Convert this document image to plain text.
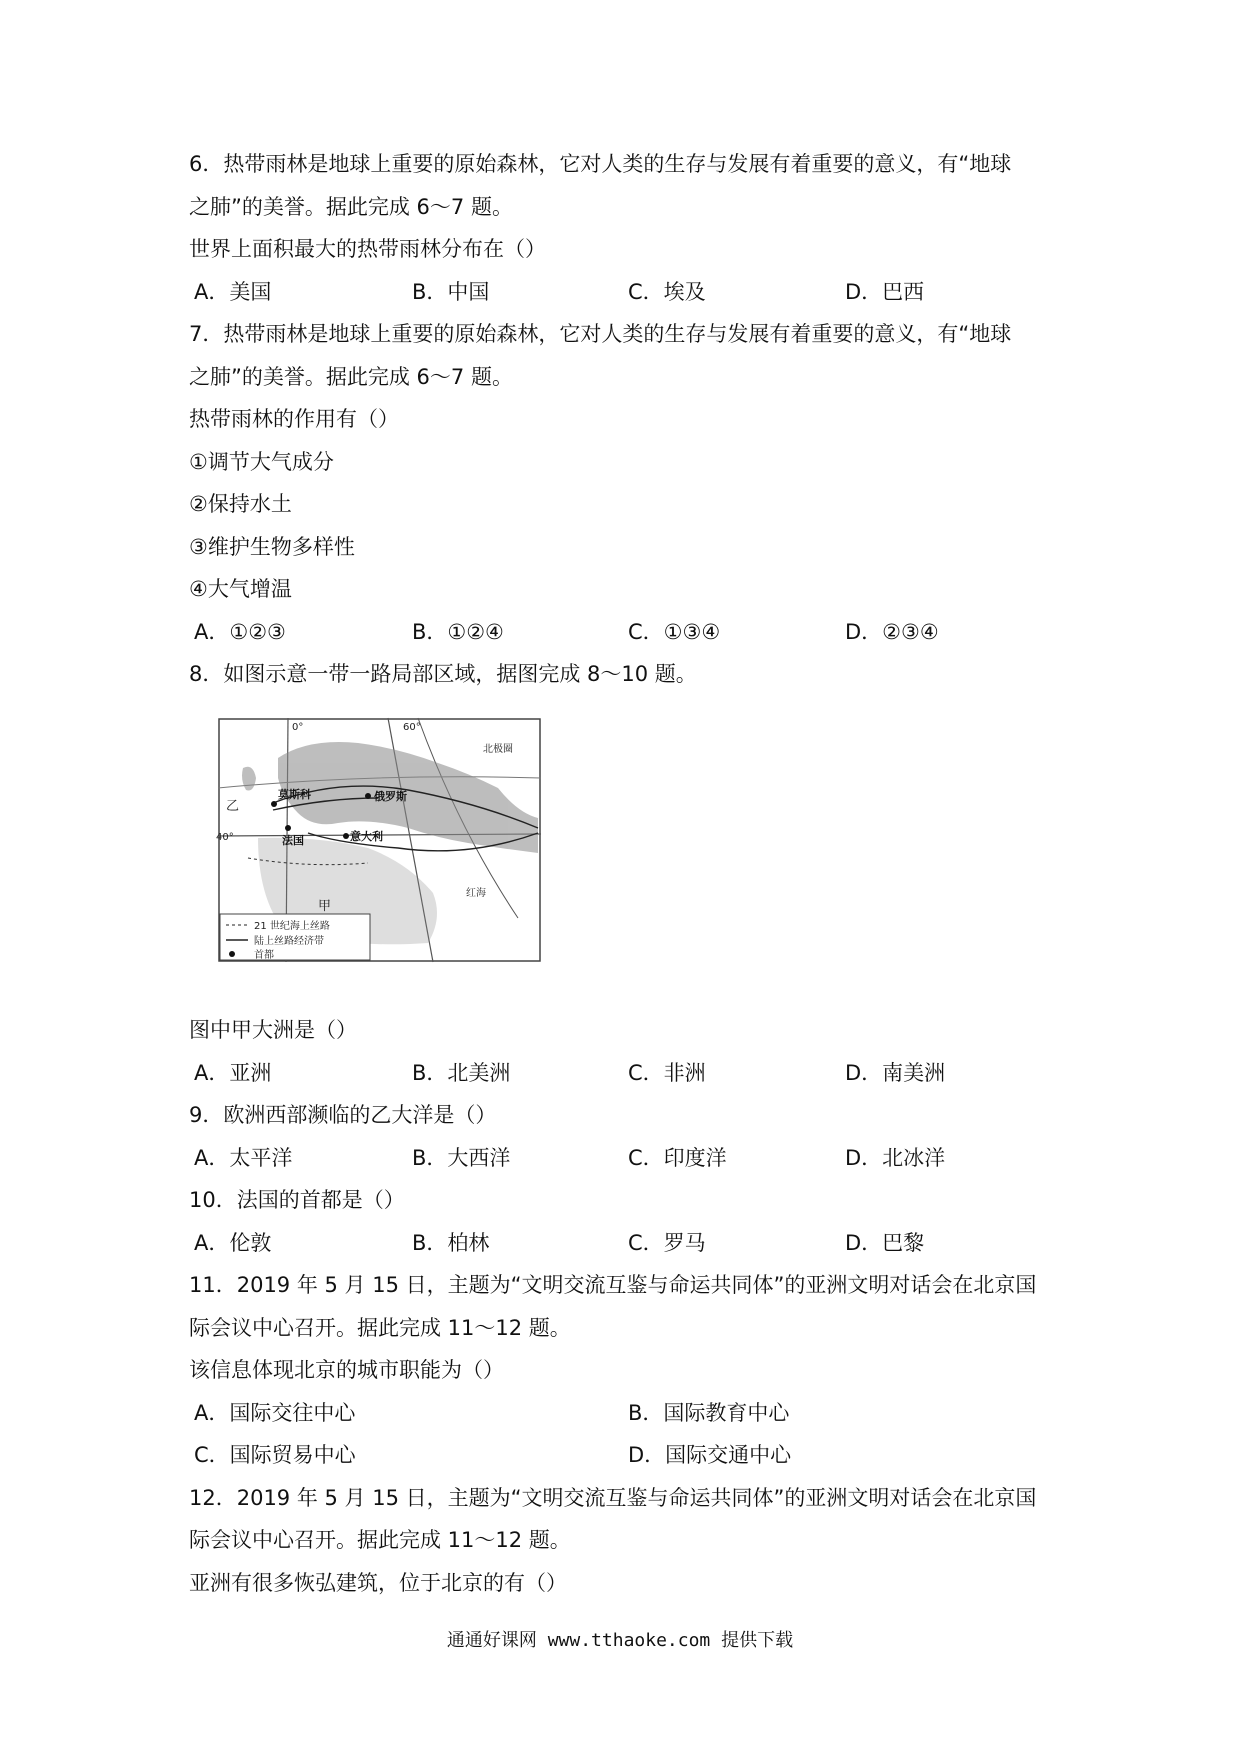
6．热带雨林是地球上重要的原始森林，它对人类的生存与发展有着重要的意义，有“地球
之肺”的美誉。据此完成 6～7 题。
世界上面积最大的热带雨林分布在（）
A．美国	B．中国	C．埃及	D．巴西
7．热带雨林是地球上重要的原始森林，它对人类的生存与发展有着重要的意义，有“地球
之肺”的美誉。据此完成 6～7 题。
热带雨林的作用有（）
①调节大气成分
②保持水土
③维护生物多样性
④大气增温
A．①②③	B．①②④	C．①③④	D．②③④
8．如图示意一带一路局部区域，据图完成 8～10 题。
0°	60°
北极圈
莫斯科	俄罗斯
法国	意大利
乙
甲
红海
21 世纪海上丝路
陆上丝路经济带
首都
40°
图中甲大洲是（）
A．亚洲	B．北美洲	C．非洲	D．南美洲
9．欧洲西部濒临的乙大洋是（）
A．太平洋	B．大西洋	C．印度洋	D．北冰洋
10．法国的首都是（）
A．伦敦	B．柏林	C．罗马	D．巴黎
11．2019 年 5 月 15 日，主题为“文明交流互鉴与命运共同体”的亚洲文明对话会在北京国
际会议中心召开。据此完成 11～12 题。
该信息体现北京的城市职能为（）
A．国际交往中心	B．国际教育中心
C．国际贸易中心	D．国际交通中心
12．2019 年 5 月 15 日，主题为“文明交流互鉴与命运共同体”的亚洲文明对话会在北京国
际会议中心召开。据此完成 11～12 题。
亚洲有很多恢弘建筑，位于北京的有（）
通通好课网 www.tthaoke.com 提供下载
